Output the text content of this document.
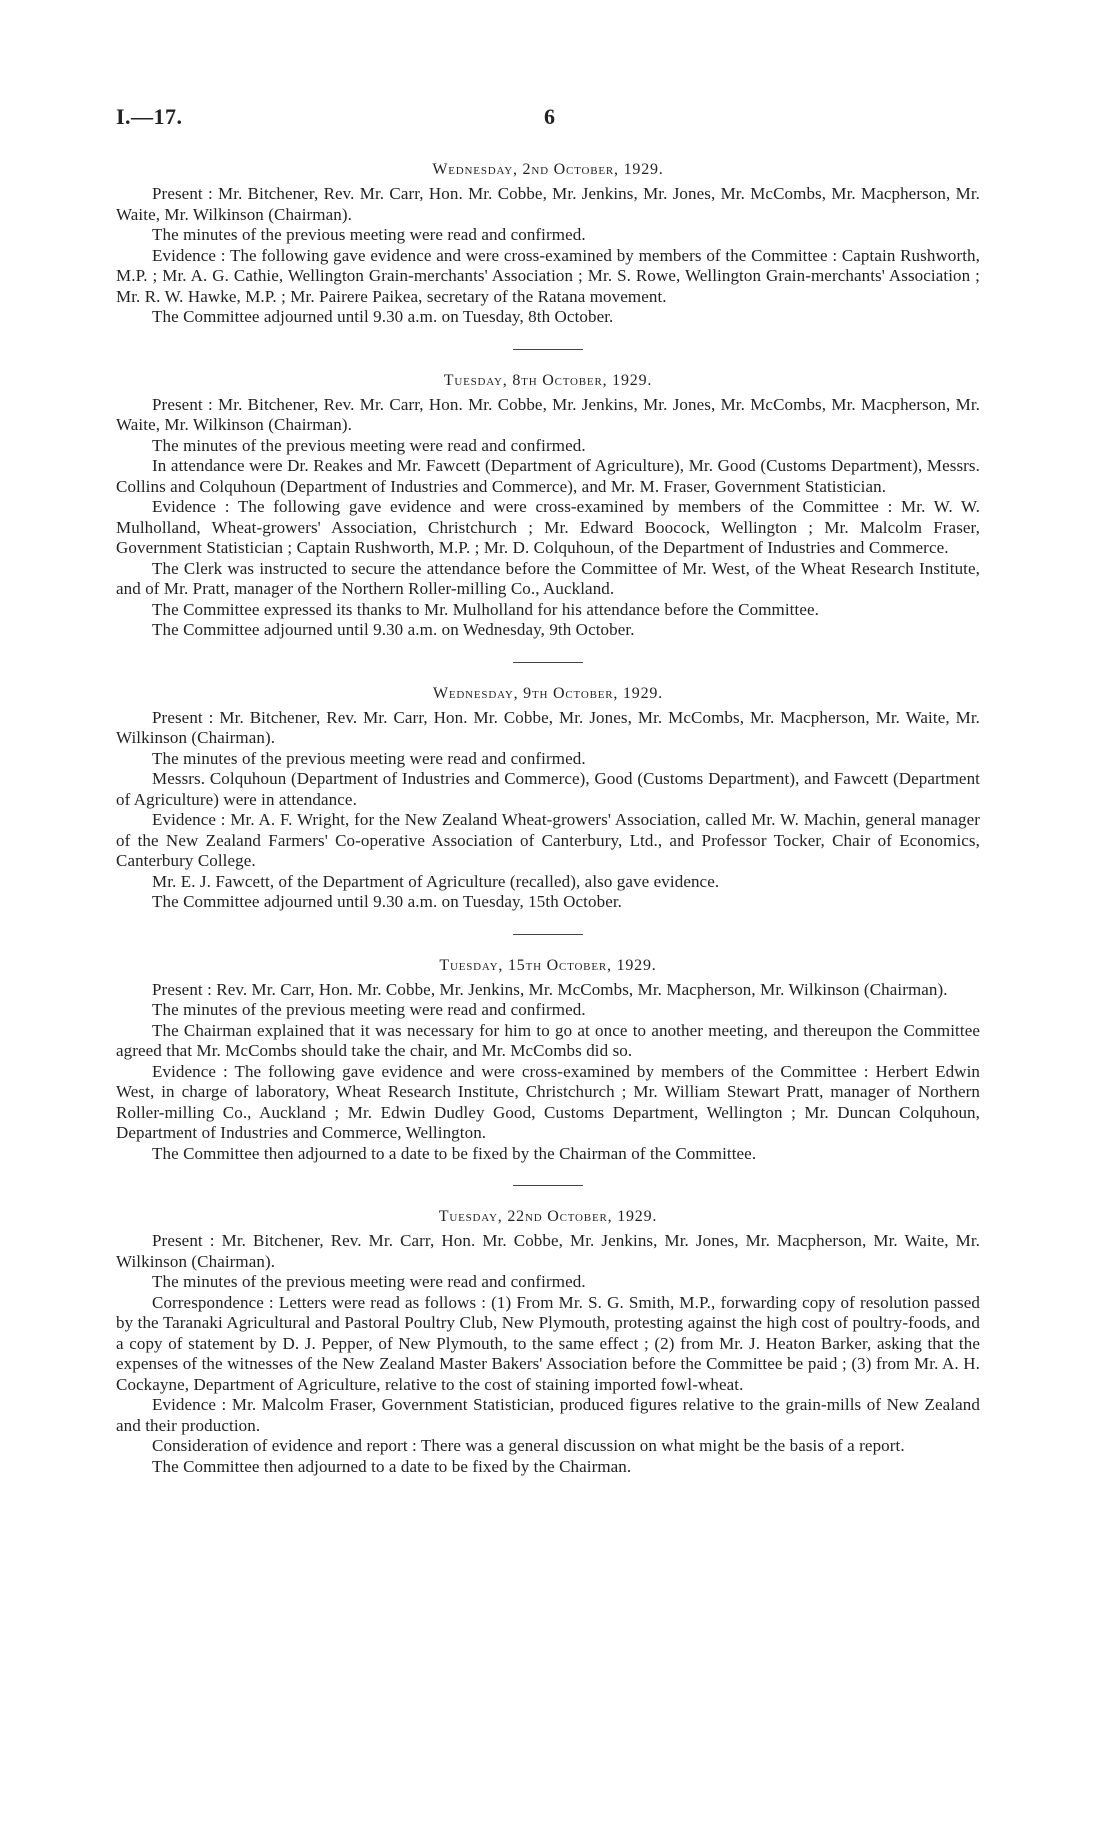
I.—17.	6
Wednesday, 2nd October, 1929.

Present : Mr. Bitchener, Rev. Mr. Carr, Hon. Mr. Cobbe, Mr. Jenkins, Mr. Jones, Mr. McCombs, Mr. Macpherson, Mr. Waite, Mr. Wilkinson (Chairman).

The minutes of the previous meeting were read and confirmed.

Evidence : The following gave evidence and were cross-examined by members of the Committee : Captain Rushworth, M.P. ; Mr. A. G. Cathie, Wellington Grain-merchants' Association ; Mr. S. Rowe, Wellington Grain-merchants' Association ; Mr. R. W. Hawke, M.P. ; Mr. Pairere Paikea, secretary of the Ratana movement.

The Committee adjourned until 9.30 a.m. on Tuesday, 8th October.

Tuesday, 8th October, 1929.

Present : Mr. Bitchener, Rev. Mr. Carr, Hon. Mr. Cobbe, Mr. Jenkins, Mr. Jones, Mr. McCombs, Mr. Macpherson, Mr. Waite, Mr. Wilkinson (Chairman).

The minutes of the previous meeting were read and confirmed.

In attendance were Dr. Reakes and Mr. Fawcett (Department of Agriculture), Mr. Good (Customs Department), Messrs. Collins and Colquhoun (Department of Industries and Commerce), and Mr. M. Fraser, Government Statistician.

Evidence : The following gave evidence and were cross-examined by members of the Committee : Mr. W. W. Mulholland, Wheat-growers' Association, Christchurch ; Mr. Edward Boocock, Wellington ; Mr. Malcolm Fraser, Government Statistician ; Captain Rushworth, M.P. ; Mr. D. Colquhoun, of the Department of Industries and Commerce.

The Clerk was instructed to secure the attendance before the Committee of Mr. West, of the Wheat Research Institute, and of Mr. Pratt, manager of the Northern Roller-milling Co., Auckland.

The Committee expressed its thanks to Mr. Mulholland for his attendance before the Committee.

The Committee adjourned until 9.30 a.m. on Wednesday, 9th October.

Wednesday, 9th October, 1929.

Present : Mr. Bitchener, Rev. Mr. Carr, Hon. Mr. Cobbe, Mr. Jones, Mr. McCombs, Mr. Macpherson, Mr. Waite, Mr. Wilkinson (Chairman).

The minutes of the previous meeting were read and confirmed.

Messrs. Colquhoun (Department of Industries and Commerce), Good (Customs Department), and Fawcett (Department of Agriculture) were in attendance.

Evidence : Mr. A. F. Wright, for the New Zealand Wheat-growers' Association, called Mr. W. Machin, general manager of the New Zealand Farmers' Co-operative Association of Canterbury, Ltd., and Professor Tocker, Chair of Economics, Canterbury College.

Mr. E. J. Fawcett, of the Department of Agriculture (recalled), also gave evidence.

The Committee adjourned until 9.30 a.m. on Tuesday, 15th October.

Tuesday, 15th October, 1929.

Present : Rev. Mr. Carr, Hon. Mr. Cobbe, Mr. Jenkins, Mr. McCombs, Mr. Macpherson, Mr. Wilkinson (Chairman).

The minutes of the previous meeting were read and confirmed.

The Chairman explained that it was necessary for him to go at once to another meeting, and thereupon the Committee agreed that Mr. McCombs should take the chair, and Mr. McCombs did so.

Evidence : The following gave evidence and were cross-examined by members of the Committee : Herbert Edwin West, in charge of laboratory, Wheat Research Institute, Christchurch ; Mr. William Stewart Pratt, manager of Northern Roller-milling Co., Auckland ; Mr. Edwin Dudley Good, Customs Department, Wellington ; Mr. Duncan Colquhoun, Department of Industries and Commerce, Wellington.

The Committee then adjourned to a date to be fixed by the Chairman of the Committee.

Tuesday, 22nd October, 1929.

Present : Mr. Bitchener, Rev. Mr. Carr, Hon. Mr. Cobbe, Mr. Jenkins, Mr. Jones, Mr. Macpherson, Mr. Waite, Mr. Wilkinson (Chairman).

The minutes of the previous meeting were read and confirmed.

Correspondence : Letters were read as follows : (1) From Mr. S. G. Smith, M.P., forwarding copy of resolution passed by the Taranaki Agricultural and Pastoral Poultry Club, New Plymouth, protesting against the high cost of poultry-foods, and a copy of statement by D. J. Pepper, of New Plymouth, to the same effect ; (2) from Mr. J. Heaton Barker, asking that the expenses of the witnesses of the New Zealand Master Bakers' Association before the Committee be paid ; (3) from Mr. A. H. Cockayne, Department of Agriculture, relative to the cost of staining imported fowl-wheat.

Evidence : Mr. Malcolm Fraser, Government Statistician, produced figures relative to the grain-mills of New Zealand and their production.

Consideration of evidence and report : There was a general discussion on what might be the basis of a report.

The Committee then adjourned to a date to be fixed by the Chairman.
